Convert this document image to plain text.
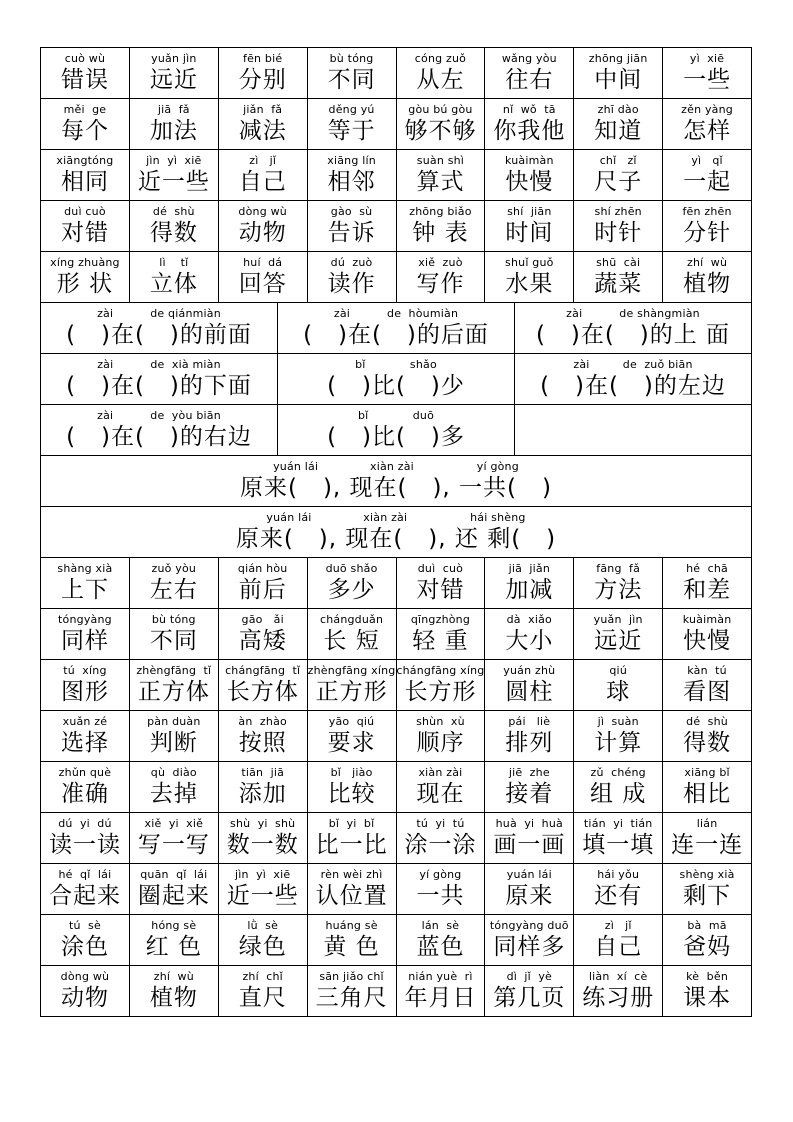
cuò wù
错误
yuǎn jìn
远近
fēn bié
分别
bù tóng
不同
cóng zuǒ
从左
wǎng yòu
往右
zhōng jiān
中间
yì  xiē
一些
měi  ge
每个
jiā  fǎ
加法
jiǎn  fǎ
减法
děng yú
等于
gòu bú gòu
够不够
nǐ  wǒ  tā
你我他
zhī dào
知道
zěn yàng
怎样
xiāngtóng
相同
jìn  yì  xiē
近一些
zì   jǐ
自己
xiāng lín
相邻
suàn shì
算式
kuàimàn
快慢
chǐ   zǐ
尺子
yì   qǐ
一起
duì cuò
对错
dé  shù
得数
dòng wù
动物
gào  sù
告诉
zhōng biǎo
钟 表
shí  jiān
时间
shí zhēn
时针
fēn zhēn
分针
xíng zhuàng
形 状
lì    tǐ
立体
huí  dá
回答
dú  zuò
读作
xiě  zuò
写作
shuǐ guǒ
水果
shū  cài
蔬菜
zhí  wù
植物
zài          de qiánmiàn
(   )在(   )的前面
zài          de  hòumiàn
(   )在(   )的后面
zài          de shàngmiàn
(   )在(   )的上 面
zài          de  xià miàn
(   )在(   )的下面
bǐ            shǎo
(   )比(   )少
zài         de  zuǒ biān
(   )在(   )的左边
zài          de  yòu biān
(   )在(   )的右边
bǐ            duō
(   )比(   )多
yuán lái              xiàn zài                 yí gòng
原来(   ), 现在(   ), 一共(   )
yuán lái              xiàn zài                 hái shèng
原来(   ), 现在(   ), 还 剩(   )
shàng xià
上下
zuǒ yòu
左右
qián hòu
前后
duō shǎo
多少
duì  cuò
对错
jiā  jiǎn
加减
fāng  fǎ
方法
hé  chā
和差
tóngyàng
同样
bù tóng
不同
gāo   ǎi
高矮
chángduǎn
长 短
qīngzhòng
轻 重
dà  xiǎo
大小
yuǎn  jìn
远近
kuàimàn
快慢
tú  xíng
图形
zhèngfāng  tǐ
正方体
chángfāng  tǐ
长方体
zhèngfāng xíng
正方形
chángfāng xíng
长方形
yuán zhù
圆柱
qiú
球
kàn  tú
看图
xuǎn zé
选择
pàn duàn
判断
àn  zhào
按照
yāo  qiú
要求
shùn  xù
顺序
pái   liè
排列
jì  suàn
计算
dé  shù
得数
zhǔn què
准确
qù  diào
去掉
tiān  jiā
添加
bǐ   jiào
比较
xiàn zài
现在
jiē  zhe
接着
zǔ  chéng
组 成
xiāng bǐ
相比
dú  yi  dú
读一读
xiě  yi  xiě
写一写
shù  yi  shù
数一数
bǐ  yi  bǐ
比一比
tú  yi  tú
涂一涂
huà  yi  huà
画一画
tián  yi  tián
填一填
lián
连一连
hé  qǐ  lái
合起来
quān  qǐ  lái
圈起来
jìn  yì  xiē
近一些
rèn wèi zhì
认位置
yí gòng
一共
yuán lái
原来
hái yǒu
还有
shèng xià
剩下
tú  sè
涂色
hóng sè
红 色
lǜ  sè
绿色
huáng sè
黄 色
lán  sè
蓝色
tóngyàng duō
同样多
zì   jǐ
自己
bà  mā
爸妈
dòng wù
动物
zhí  wù
植物
zhí  chǐ
直尺
sān jiǎo chǐ
三角尺
nián yuè  rì
年月日
dì  jǐ  yè
第几页
liàn  xí  cè
练习册
kè  běn
课本
